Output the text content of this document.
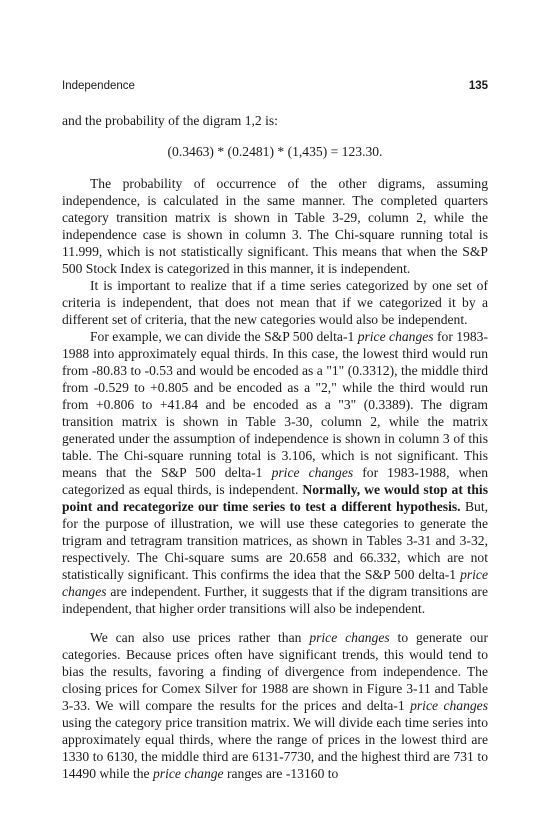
Independence	135

and the probability of the digram 1,2 is:

(0.3463) * (0.2481) * (1,435) = 123.30.

The probability of occurrence of the other digrams, assuming independence, is calculated in the same manner. The completed quarters category transition matrix is shown in Table 3-29, column 2, while the independence case is shown in column 3. The Chi-square running total is 11.999, which is not statistically significant. This means that when the S&P 500 Stock Index is categorized in this manner, it is independent.

It is important to realize that if a time series categorized by one set of criteria is independent, that does not mean that if we categorized it by a different set of criteria, that the new categories would also be independent.

For example, we can divide the S&P 500 delta-1 price changes for 1983-1988 into approximately equal thirds. In this case, the lowest third would run from -80.83 to -0.53 and would be encoded as a "1" (0.3312), the middle third from -0.529 to +0.805 and be encoded as a "2," while the third would run from +0.806 to +41.84 and be encoded as a "3" (0.3389). The digram transition matrix is shown in Table 3-30, column 2, while the matrix generated under the assumption of independence is shown in column 3 of this table. The Chi-square running total is 3.106, which is not significant. This means that the S&P 500 delta-1 price changes for 1983-1988, when categorized as equal thirds, is independent. Normally, we would stop at this point and recategorize our time series to test a different hypothesis. But, for the purpose of illustration, we will use these categories to generate the trigram and tetragram transition matrices, as shown in Tables 3-31 and 3-32, respectively. The Chi-square sums are 20.658 and 66.332, which are not statistically significant. This confirms the idea that the S&P 500 delta-1 price changes are independent. Further, it suggests that if the digram transitions are independent, that higher order transitions will also be independent.

We can also use prices rather than price changes to generate our categories. Because prices often have significant trends, this would tend to bias the results, favoring a finding of divergence from independence. The closing prices for Comex Silver for 1988 are shown in Figure 3-11 and Table 3-33. We will compare the results for the prices and delta-1 price changes using the category price transition matrix. We will divide each time series into approximately equal thirds, where the range of prices in the lowest third are 1330 to 6130, the middle third are 6131-7730, and the highest third are 731 to 14490 while the price change ranges are -13160 to
